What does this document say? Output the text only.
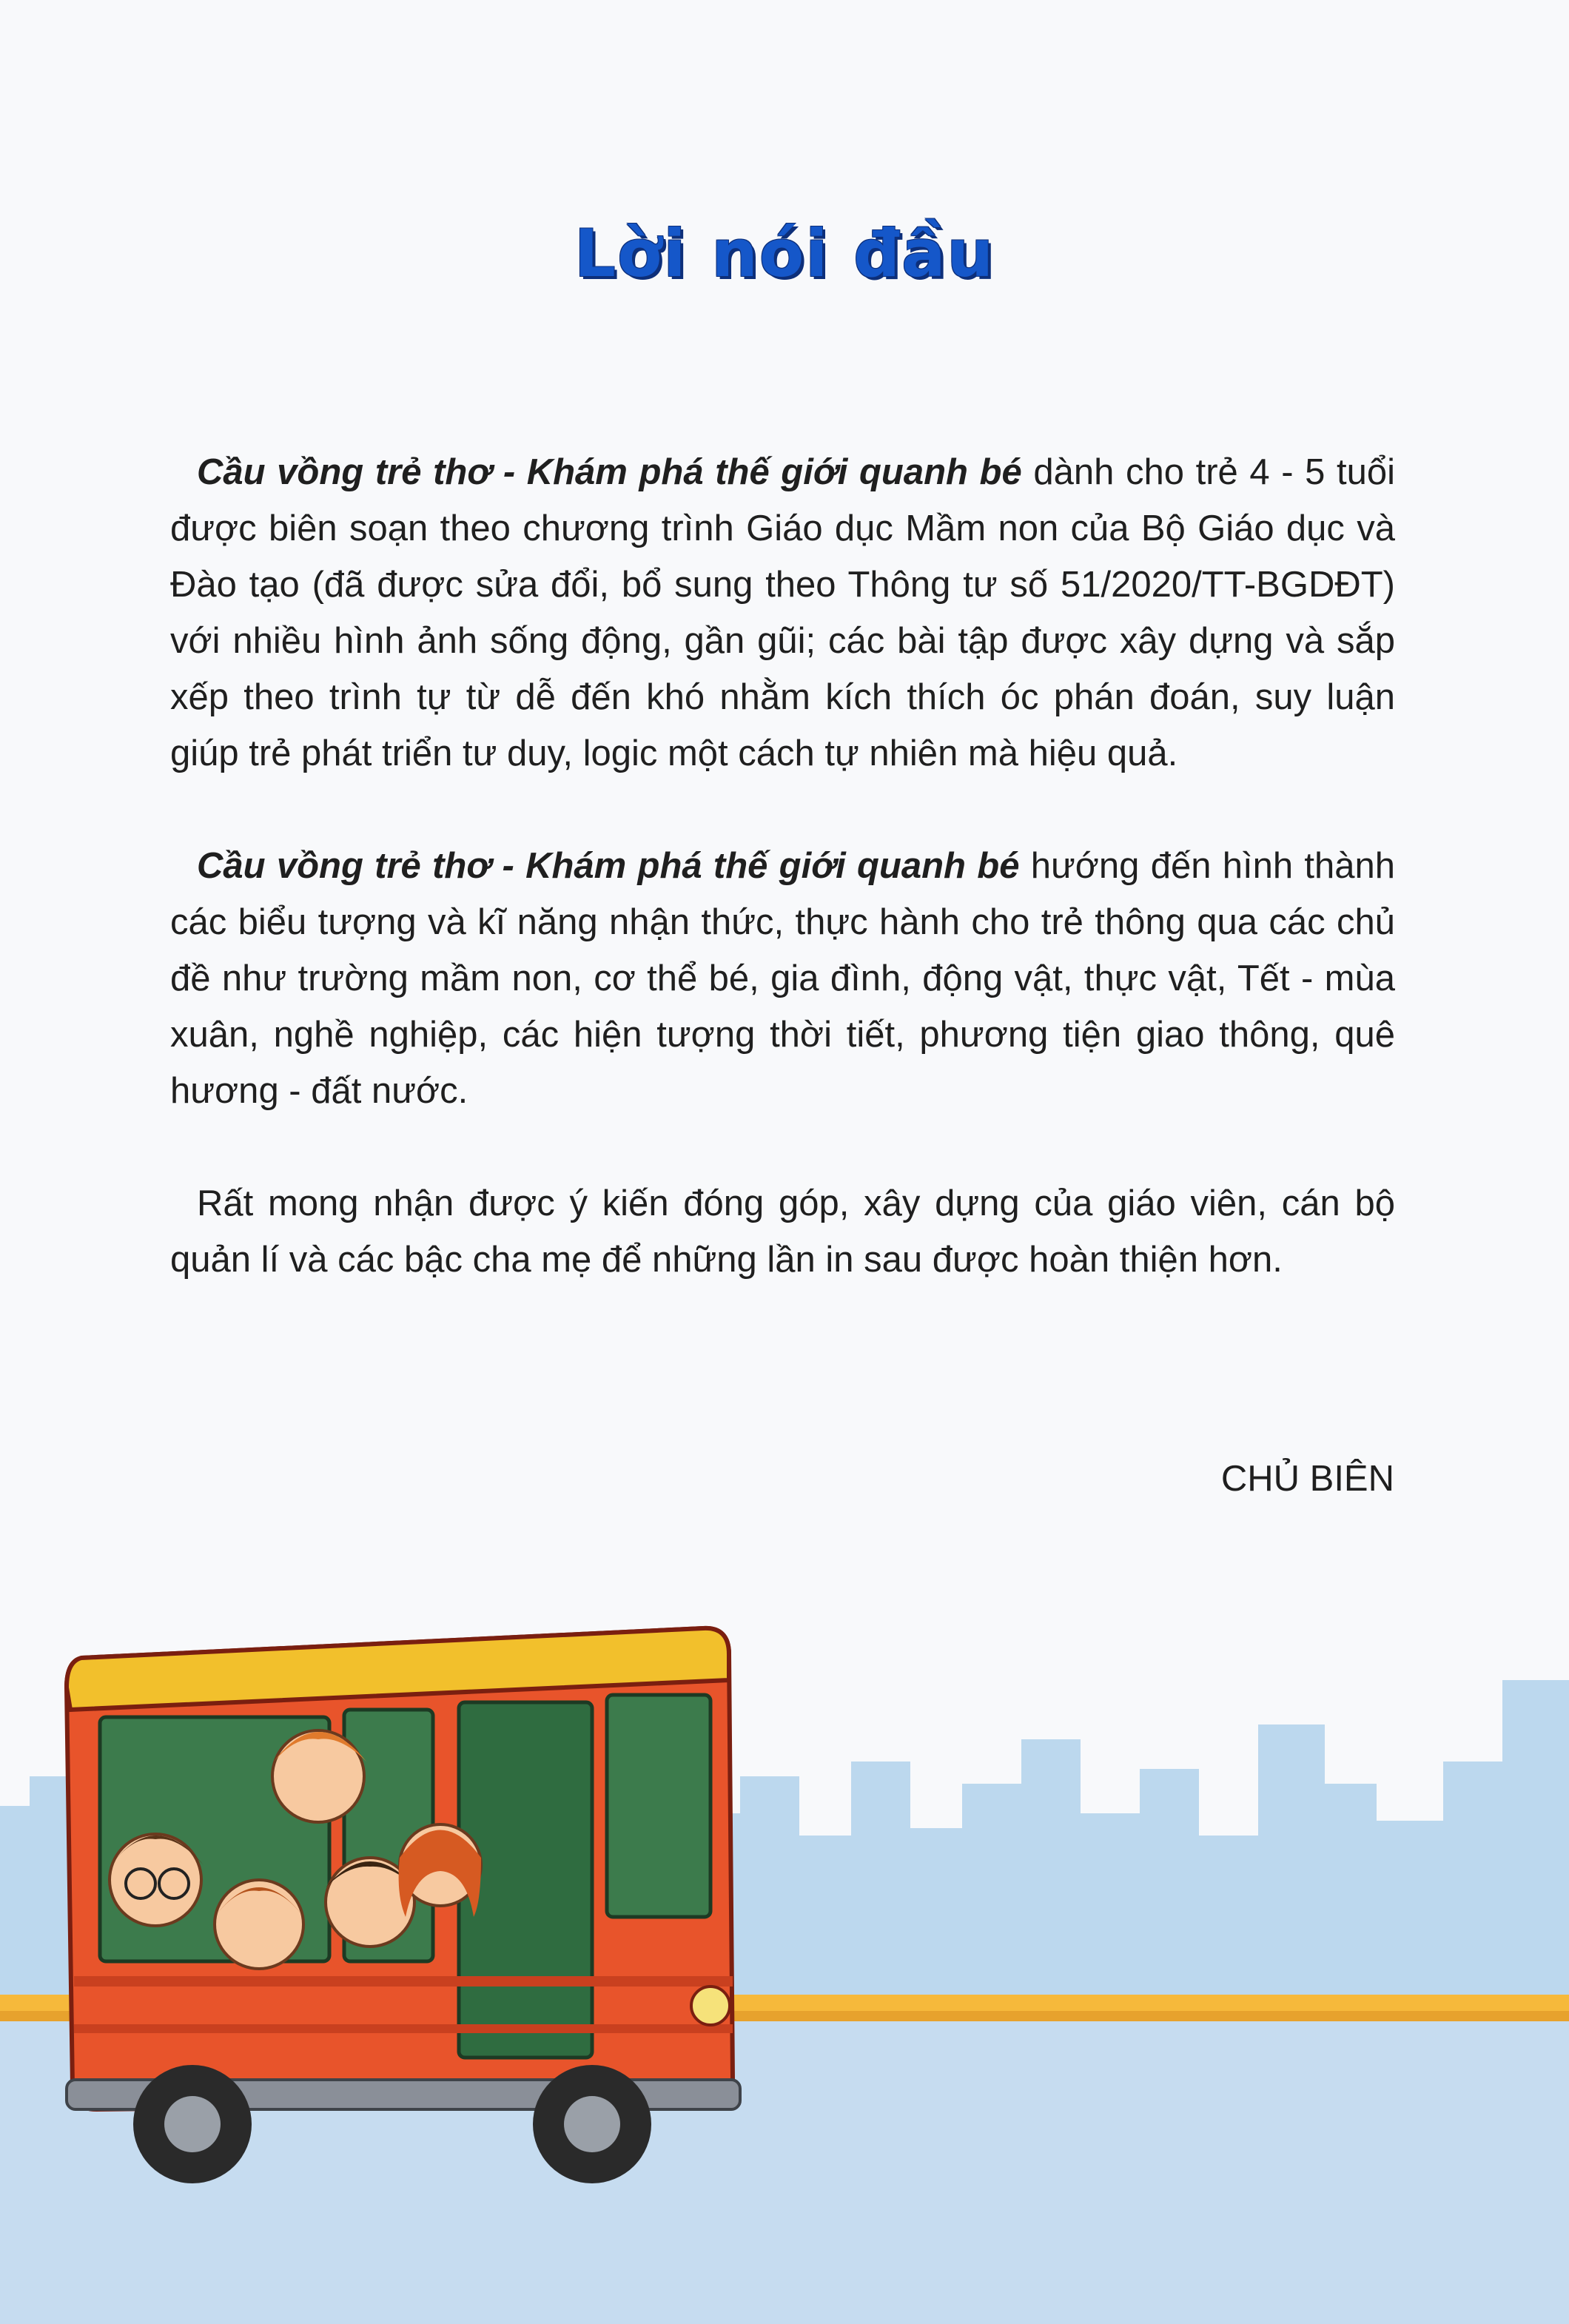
Lời nói đầu

Cầu vồng trẻ thơ - Khám phá thế giới quanh bé dành cho trẻ 4 - 5 tuổi được biên soạn theo chương trình Giáo dục Mầm non của Bộ Giáo dục và Đào tạo (đã được sửa đổi, bổ sung theo Thông tư số 51/2020/TT-BGDĐT) với nhiều hình ảnh sống động, gần gũi; các bài tập được xây dựng và sắp xếp theo trình tự từ dễ đến khó nhằm kích thích óc phán đoán, suy luận giúp trẻ phát triển tư duy, logic một cách tự nhiên mà hiệu quả.

Cầu vồng trẻ thơ - Khám phá thế giới quanh bé hướng đến hình thành các biểu tượng và kĩ năng nhận thức, thực hành cho trẻ thông qua các chủ đề như trường mầm non, cơ thể bé, gia đình, động vật, thực vật, Tết - mùa xuân, nghề nghiệp, các hiện tượng thời tiết, phương tiện giao thông, quê hương - đất nước.

Rất mong nhận được ý kiến đóng góp, xây dựng của giáo viên, cán bộ quản lí và các bậc cha mẹ để những lần in sau được hoàn thiện hơn.

CHỦ BIÊN
